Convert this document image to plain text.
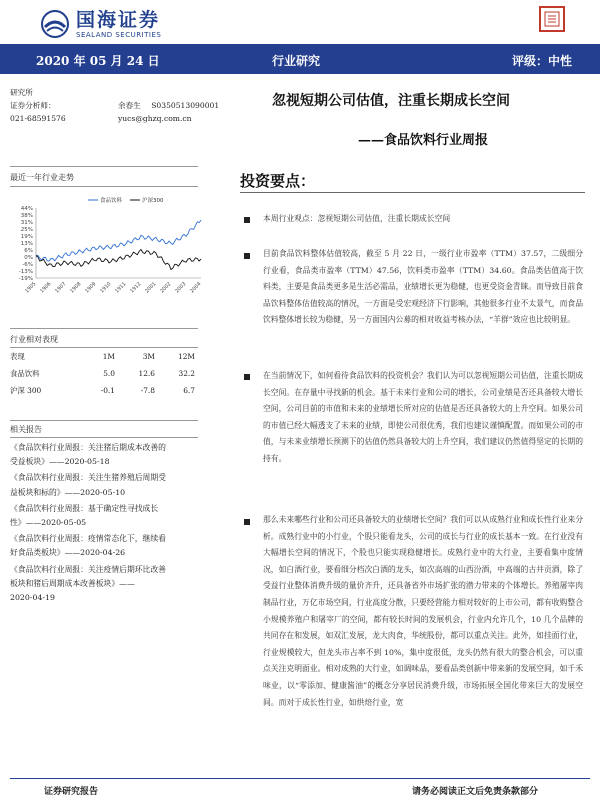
国海证券
SEALAND SECURITIES
2020 年 05 月 24 日	行业研究	评级：中性
研究所
证券分析师：
021-68591576
余春生 S0350513090001
yucs@ghzq.com.cn
忽视短期公司估值，注重长期成长空间
——食品饮料行业周报
最近一年行业走势
44%
38%
31%
25%
19%
13%
6%
0%
-6%
-13%
-19%
1905 1906 1907 1908 1909 1910 1911 1912 2001 2002 2003 2004
食品饮料	沪深300
行业相对表现
表现	1M	3M	12M
食品饮料	5.0	12.6	32.2
沪深 300	-0.1	-7.8	6.7
相关报告
《食品饮料行业周报：关注猪后期成本改善的
受益板块》——2020-05-18
《食品饮料行业周报：关注生猪养殖后周期受
益板块和标的》——2020-05-10
《食品饮料行业周报：基于确定性寻找成长
性》——2020-05-05
《食品饮料行业周报：疫情常态化下，继续看
好食品类板块》——2020-04-26
《食品饮料行业周报：关注疫情后期环比改善
板块和猪后周期成本改善板块》——
2020-04-19
投资要点：
本周行业观点：忽视短期公司估值，注重长期成长空间
目前食品饮料整体估值较高，截至 5 月 22 日，一级行业市盈率（TTM）37.57，二级细分行业看，食品类市盈率（TTM）47.56，饮料类市盈率（TTM）34.60。食品类估值高于饮料类，主要是食品类更多是生活必需品，业绩增长更为稳健，也更受资金青睐。而导致目前食品饮料整体估值较高的情况，一方面是受宏观经济下行影响，其他很多行业不太景气，而食品饮料整体增长较为稳健，另一方面国内公募的相对收益考核办法，“羊群”效应也比较明显。
在当前情况下，如何看待食品饮料的投资机会？我们认为可以忽视短期公司估值，注重长期成长空间。在存量中寻找新的机会。基于未来行业和公司的增长，公司业绩是否还具备较大增长空间，公司目前的市值和未来的业绩增长所对应的估值是否还具备较大的上升空间。如果公司的市值已经大幅透支了未来的业绩，即使公司很优秀，我们也建议谨慎配置。而如果公司的市值，与未来业绩增长预测下的估值仍然具备较大的上升空间，我们建议仍然值得坚定的长期的持有。
那么未来哪些行业和公司还具备较大的业绩增长空间？我们可以从成熟行业和成长性行业来分析。成熟行业中的小行业，个股只能看龙头，公司的成长与行业的成长基本一致。在行业没有大幅增长空间的情况下，个股也只能实现稳健增长。成熟行业中的大行业，主要看集中度情况，如白酒行业，要看细分档次白酒的龙头，如次高端的山西汾酒，中高端的古井贡酒，除了受益行业整体消费升级的量价齐升，还具备省外市场扩张的潜力带来的个体增长。养殖屠宰肉制品行业，万亿市场空间，行业高度分散，只要经营能力相对较好的上市公司，都有收购整合小规模养殖户和屠宰厂的空间，都有较长时间的发展机会，行业内允许几个，10 几个品牌的共同存在和发展，如双汇发展，龙大肉食，华统股份，都可以重点关注。此外，如挂面行业，行业规模较大，但龙头市占率不到 10%，集中度很低，龙头仍然有很大的整合机会，可以重点关注克明面业。相对成熟的大行业，如调味品，要看品类创新中带来新的发展空间，如千禾味业，以“零添加、健康酱油”的概念分享居民消费升级，市场拓展全国化带来巨大的发展空间。而对于成长性行业，如烘焙行业，宽
证券研究报告	请务必阅读正文后免责条款部分
